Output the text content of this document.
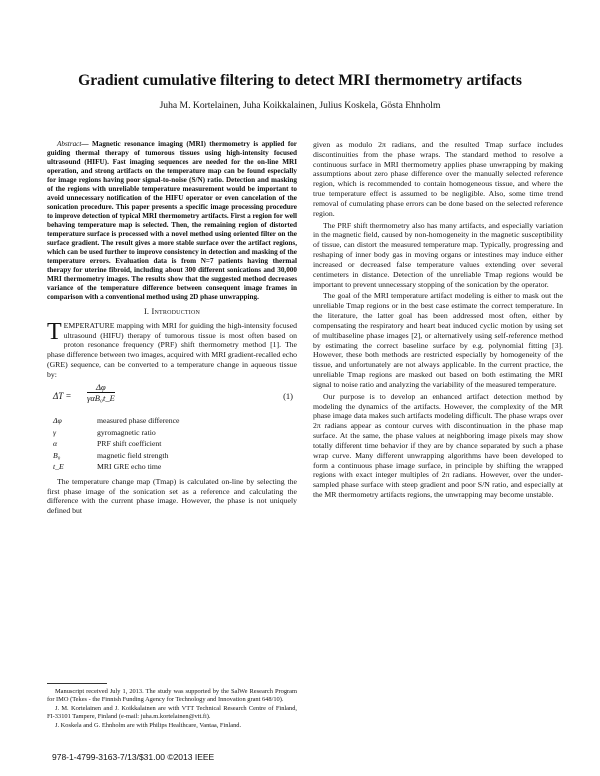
Gradient cumulative filtering to detect MRI thermometry artifacts
Juha M. Kortelainen, Juha Koikkalainen, Julius Koskela, Gösta Ehnholm

Abstract— Magnetic resonance imaging (MRI) thermometry is applied for guiding thermal therapy of tumorous tissues using high-intensity focused ultrasound (HIFU). Fast imaging sequences are needed for the on-line MRI operation, and strong artifacts on the temperature map can be found especially for image regions having poor signal-to-noise (S/N) ratio. Detection and masking of the regions with unreliable temperature measurement would be important to avoid unnecessary notification of the HIFU operator or even cancelation of the sonication procedure. This paper presents a specific image processing procedure to improve detection of typical MRI thermometry artifacts. First a region for well behaving temperature map is selected. Then, the remaining region of distorted temperature surface is processed with a novel method using oriented filter on the surface gradient. The result gives a more stable surface over the artifact regions, which can be used further to improve consistency in detection and masking of the temperature errors. Evaluation data is from N=7 patients having thermal therapy for uterine fibroid, including about 300 different sonications and 30,000 MRI thermometry images. The results show that the suggested method decreases variance of the temperature difference between consequent image frames in comparison with a conventional method using 2D phase unwrapping.

I. Introduction

TEMPERATURE mapping with MRI for guiding the high-intensity focused ultrasound (HIFU) therapy of tumorous tissue is most often based on proton resonance frequency (PRF) shift thermometry method [1]. The phase difference between two images, acquired with MRI gradient-recalled echo (GRE) sequence, can be converted to a temperature change in aqueous tissue by:

ΔT =
Δφ
γαB₀t_E	(1)
Δφ	measured phase difference
γ	gyromagnetic ratio
α	PRF shift coefficient
B₀	magnetic field strength
t_E	MRI GRE echo time

The temperature change map (Tmap) is calculated on-line by selecting the first phase image of the sonication set as a reference and calculating the difference with the current phase image. However, the phase is not uniquely defined but

given as modulo 2π radians, and the resulted Tmap surface includes discontinuities from the phase wraps. The standard method to resolve a continuous surface in MRI thermometry applies phase unwrapping by making assumptions about zero phase difference over the manually selected reference region, which is recommended to contain homogeneous tissue, and where the true temperature effect is assumed to be negligible. Also, some time trend removal of cumulating phase errors can be done based on the selected reference region.

The PRF shift thermometry also has many artifacts, and especially variation in the magnetic field, caused by non-homogeneity in the magnetic susceptibility of tissue, can distort the measured temperature map. Typically, progressing and reshaping of inner body gas in moving organs or intestines may induce either increased or decreased false temperature values extending over several centimeters in distance. Detection of the unreliable Tmap regions would be important to prevent unnecessary stopping of the sonication by the operator.

The goal of the MRI temperature artifact modeling is either to mask out the unreliable Tmap regions or in the best case estimate the correct temperature. In the literature, the latter goal has been addressed most often, either by compensating the respiratory and heart beat induced cyclic motion by using set of multibaseline phase images [2], or alternatively using self-reference method by estimating the correct baseline surface by e.g. polynomial fitting [3]. However, these both methods are restricted especially by homogeneity of the tissue, and unfortunately are not always applicable. In the current practice, the unreliable Tmap regions are masked out based on both estimating the MRI signal to noise ratio and analyzing the variability of the measured temperature.

Our purpose is to develop an enhanced artifact detection method by modeling the dynamics of the artifacts. However, the complexity of the MR phase image data makes such artifacts modeling difficult. The phase wraps over 2π radians appear as contour curves with discontinuation in the phase map surface. At the same, the phase values at neighboring image pixels may show totally different time behavior if they are by chance separated by such a phase wrap curve. Many different unwrapping algorithms have been developed to form a continuous phase image surface, in principle by shifting the wrapped regions with exact integer multiples of 2π radians. However, over the under-sampled phase surface with steep gradient and poor S/N ratio, and especially at the MR thermometry artifacts regions, the unwrapping may become unstable.

Manuscript received July 1, 2013. The study was supported by the SalWe Research Program for IMO (Tekes - the Finnish Funding Agency for Technology and Innovation grant 648/10).

J. M. Kortelainen and J. Koikkalainen are with VTT Technical Research Centre of Finland, FI-33101 Tampere, Finland (e-mail: juha.m.kortelainen@vtt.fi).

J. Koskela and G. Ehnholm are with Philips Healthcare, Vantaa, Finland.

978-1-4799-3163-7/13/$31.00 ©2013 IEEE
